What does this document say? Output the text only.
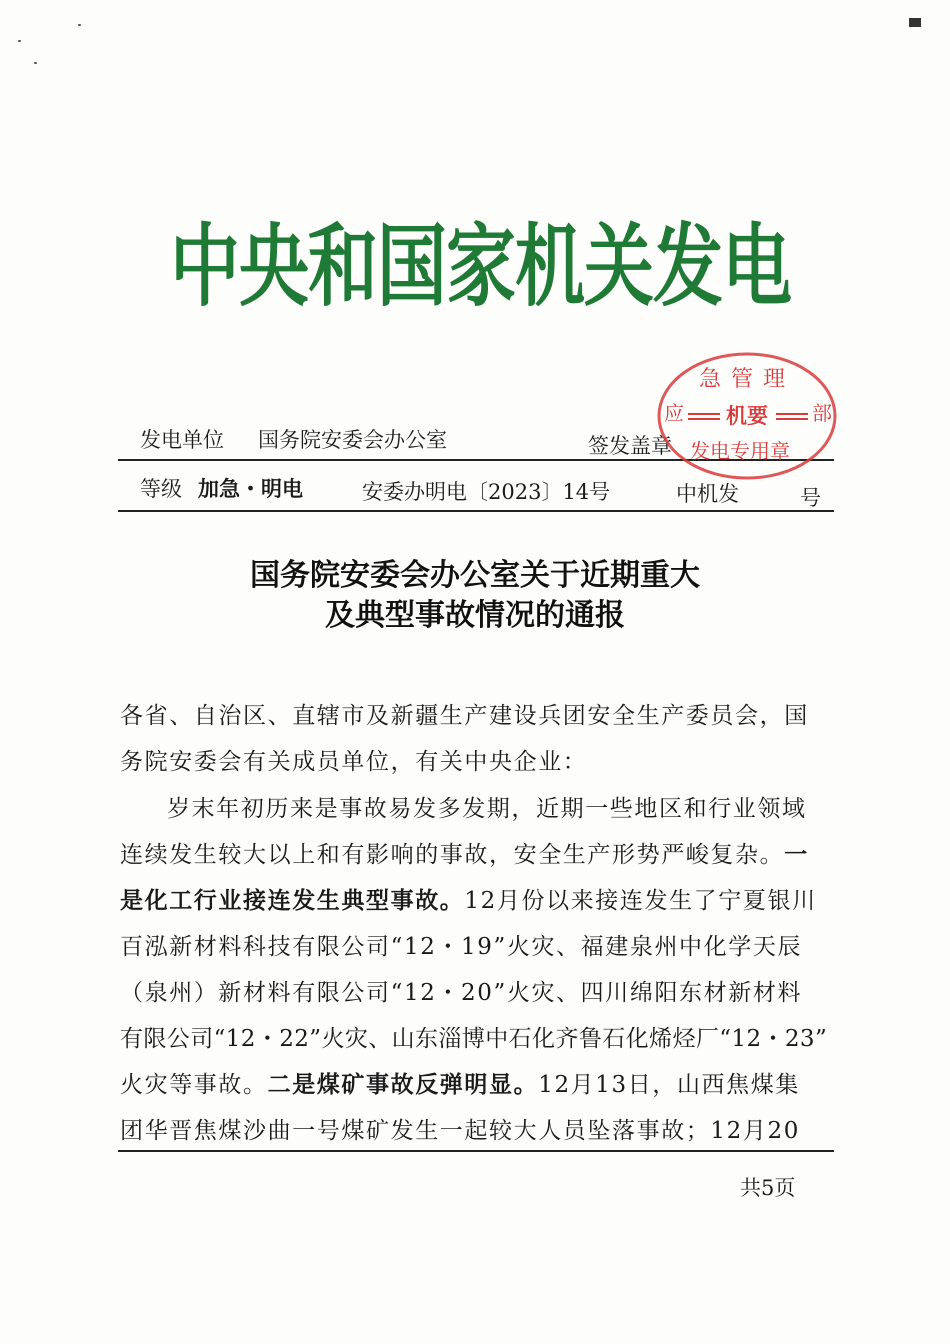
中央和国家机关发电
发电单位 国务院安委会办公室	签发盖章
等级 加急・明电	安委办明电〔2023〕14号	中机发	号
急管理
应 机要 部
发电专用章
国务院安委会办公室关于近期重大
及典型事故情况的通报
各省、自治区、直辖市及新疆生产建设兵团安全生产委员会，国
务院安委会有关成员单位，有关中央企业：
岁末年初历来是事故易发多发期，近期一些地区和行业领域
连续发生较大以上和有影响的事故，安全生产形势严峻复杂。一
是化工行业接连发生典型事故。12月份以来接连发生了宁夏银川
百泓新材料科技有限公司“12・19”火灾、福建泉州中化学天辰
（泉州）新材料有限公司“12・20”火灾、四川绵阳东材新材料
有限公司“12・22”火灾、山东淄博中石化齐鲁石化烯烃厂“12・23”
火灾等事故。二是煤矿事故反弹明显。12月13日，山西焦煤集
团华晋焦煤沙曲一号煤矿发生一起较大人员坠落事故；12月20
共5页
